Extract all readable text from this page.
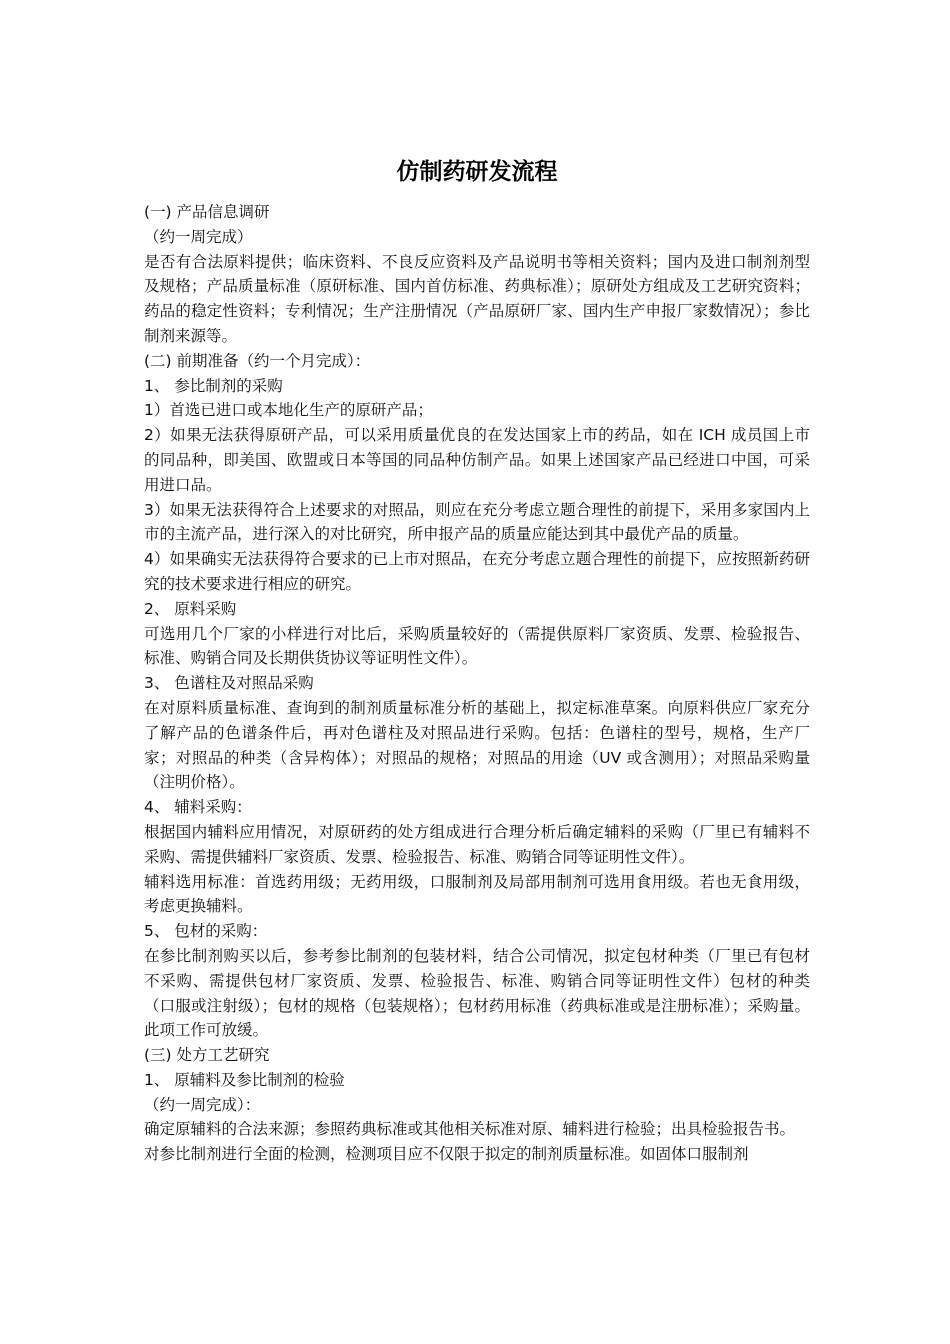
仿制药研发流程

(一) 产品信息调研

（约一周完成）

是否有合法原料提供；临床资料、不良反应资料及产品说明书等相关资料；国内及进口制剂剂型及规格；产品质量标准（原研标准、国内首仿标准、药典标准）；原研处方组成及工艺研究资料；药品的稳定性资料；专利情况；生产注册情况（产品原研厂家、国内生产申报厂家数情况）；参比制剂来源等。

(二) 前期准备（约一个月完成）：

1、 参比制剂的采购

1）首选已进口或本地化生产的原研产品；

2）如果无法获得原研产品，可以采用质量优良的在发达国家上市的药品，如在 ICH 成员国上市的同品种，即美国、欧盟或日本等国的同品种仿制产品。如果上述国家产品已经进口中国，可采用进口品。

3）如果无法获得符合上述要求的对照品，则应在充分考虑立题合理性的前提下，采用多家国内上市的主流产品，进行深入的对比研究，所申报产品的质量应能达到其中最优产品的质量。

4）如果确实无法获得符合要求的已上市对照品，在充分考虑立题合理性的前提下，应按照新药研究的技术要求进行相应的研究。

2、 原料采购

可选用几个厂家的小样进行对比后，采购质量较好的（需提供原料厂家资质、发票、检验报告、标准、购销合同及长期供货协议等证明性文件）。

3、 色谱柱及对照品采购

在对原料质量标准、查询到的制剂质量标准分析的基础上，拟定标准草案。向原料供应厂家充分了解产品的色谱条件后，再对色谱柱及对照品进行采购。包括：色谱柱的型号，规格，生产厂家；对照品的种类（含异构体）；对照品的规格；对照品的用途（UV 或含测用）；对照品采购量（注明价格）。

4、 辅料采购：

根据国内辅料应用情况，对原研药的处方组成进行合理分析后确定辅料的采购（厂里已有辅料不采购、需提供辅料厂家资质、发票、检验报告、标准、购销合同等证明性文件）。

辅料选用标准：首选药用级；无药用级，口服制剂及局部用制剂可选用食用级。若也无食用级，考虑更换辅料。

5、 包材的采购：

在参比制剂购买以后，参考参比制剂的包装材料，结合公司情况，拟定包材种类（厂里已有包材不采购、需提供包材厂家资质、发票、检验报告、标准、购销合同等证明性文件）包材的种类（口服或注射级）；包材的规格（包装规格）；包材药用标准（药典标准或是注册标准）；采购量。 此项工作可放缓。

(三) 处方工艺研究

1、 原辅料及参比制剂的检验

（约一周完成）：

确定原辅料的合法来源；参照药典标准或其他相关标准对原、辅料进行检验；出具检验报告书。

对参比制剂进行全面的检测，检测项目应不仅限于拟定的制剂质量标准。如固体口服制剂
